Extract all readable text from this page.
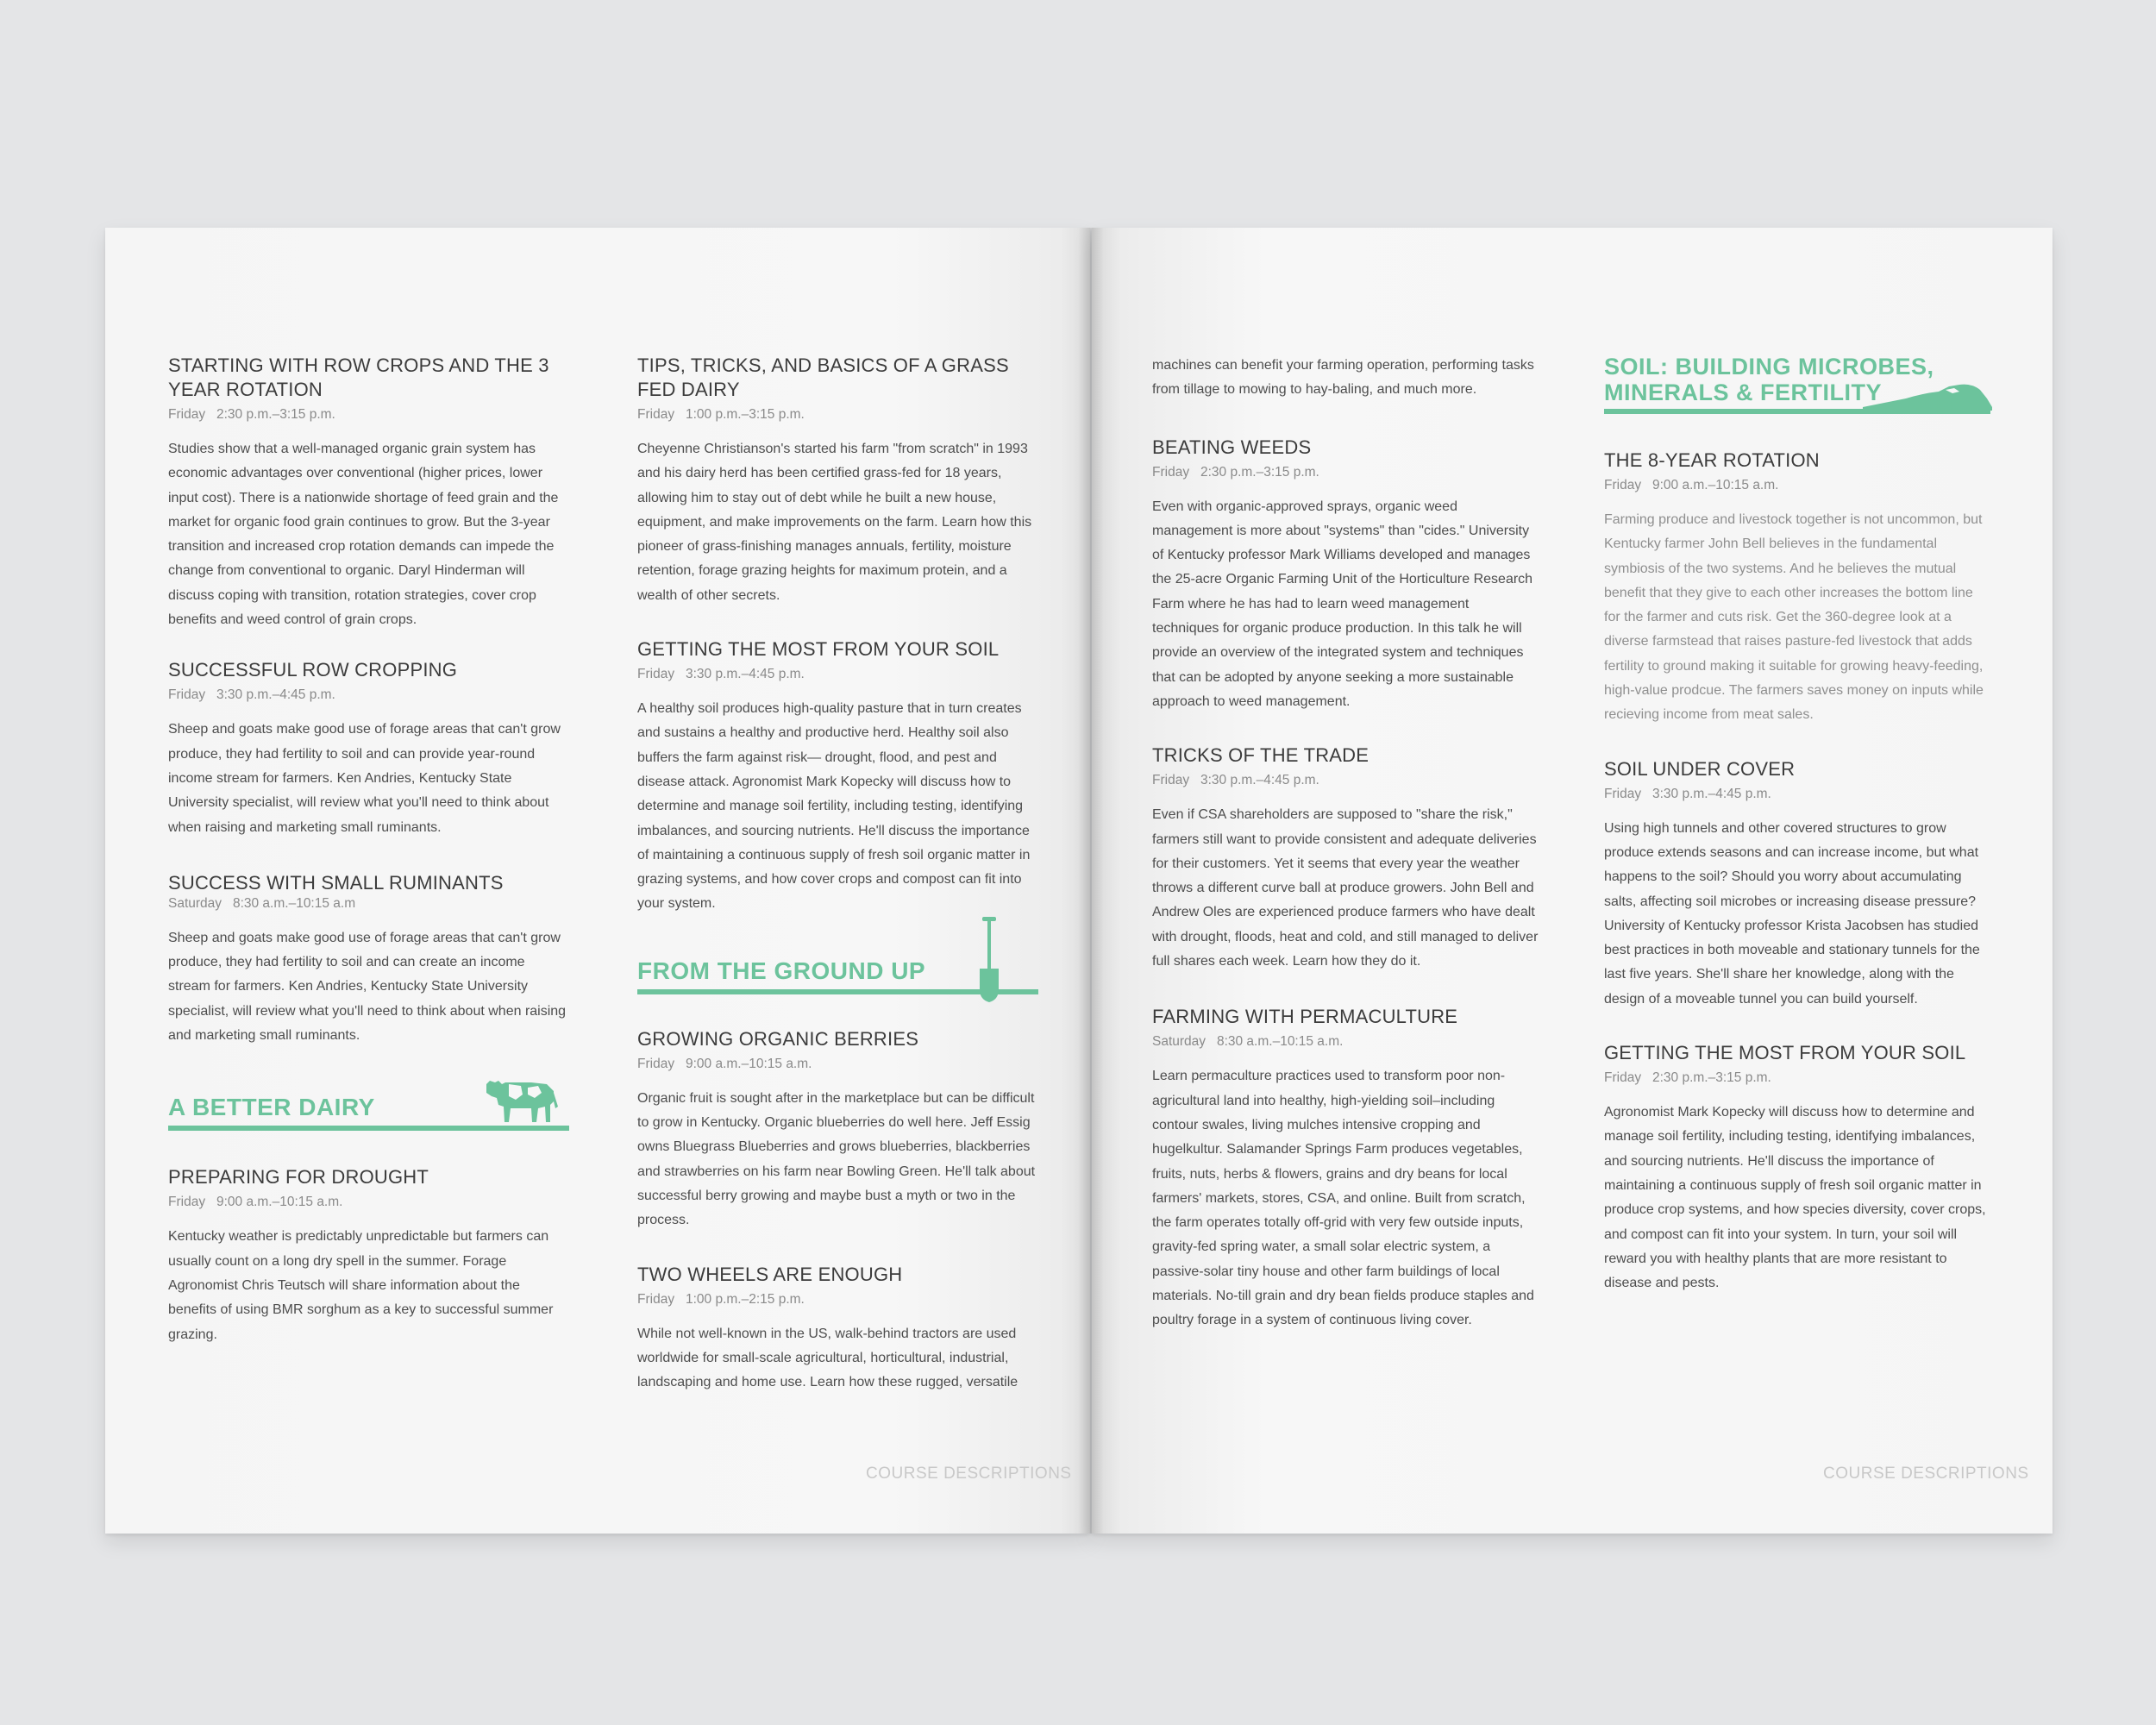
STARTING WITH ROW CROPS AND THE 3 YEAR ROTATION
Friday   2:30 p.m.–3:15 p.m.

Studies show that a well-managed organic grain system has economic advantages over conventional (higher prices, lower input cost). There is a nationwide shortage of feed grain and the market for organic food grain continues to grow. But the 3-year transition and increased crop rotation demands can impede the change from conventional to organic. Daryl Hinderman will discuss coping with transition, rotation strategies, cover crop benefits and weed control of grain crops.

SUCCESSFUL ROW CROPPING
Friday   3:30 p.m.–4:45 p.m.

Sheep and goats make good use of forage areas that can't grow produce, they had fertility to soil and can provide year-round income stream for farmers. Ken Andries, Kentucky State University specialist, will review what you'll need to think about when raising and marketing small ruminants.

SUCCESS WITH SMALL RUMINANTS
Saturday   8:30 a.m.–10:15 a.m

Sheep and goats make good use of forage areas that can't grow produce, they had fertility to soil and can create an income stream for farmers. Ken Andries, Kentucky State University specialist, will review what you'll need to think about when raising and marketing small ruminants.

A BETTER DAIRY
PREPARING FOR DROUGHT
Friday   9:00 a.m.–10:15 a.m.

Kentucky weather is predictably unpredictable but farmers can usually count on a long dry spell in the summer. Forage Agronomist Chris Teutsch will share information about the benefits of using BMR sorghum as a key to successful summer grazing.

TIPS, TRICKS, AND BASICS OF A GRASS FED DAIRY
Friday   1:00 p.m.–3:15 p.m.

Cheyenne Christianson's started his farm "from scratch" in 1993 and his dairy herd has been certified grass-fed for 18 years, allowing him to stay out of debt while he built a new house, equipment, and make improvements on the farm. Learn how this pioneer of grass-finishing manages annuals, fertility, moisture retention, forage grazing heights for maximum protein, and a wealth of other secrets.

GETTING THE MOST FROM YOUR SOIL
Friday   3:30 p.m.–4:45 p.m.

A healthy soil produces high-quality pasture that in turn creates and sustains a healthy and productive herd. Healthy soil also buffers the farm against risk— drought, flood, and pest and disease attack. Agronomist Mark Kopecky will discuss how to determine and manage soil fertility, including testing, identifying imbalances, and sourcing nutrients. He'll discuss the importance of maintaining a continuous supply of fresh soil organic matter in grazing systems, and how cover crops and compost can fit into your system.

FROM THE GROUND UP
GROWING ORGANIC BERRIES
Friday   9:00 a.m.–10:15 a.m.

Organic fruit is sought after in the marketplace but can be difficult to grow in Kentucky. Organic blueberries do well here. Jeff Essig owns Bluegrass Blueberries and grows blueberries, blackberries and strawberries on his farm near Bowling Green. He'll talk about successful berry growing and maybe bust a myth or two in the process.

TWO WHEELS ARE ENOUGH
Friday   1:00 p.m.–2:15 p.m.

While not well-known in the US, walk-behind tractors are used worldwide for small-scale agricultural, horticultural, industrial, landscaping and home use. Learn how these rugged, versatile

COURSE DESCRIPTIONS

machines can benefit your farming operation, performing tasks from tillage to mowing to hay-baling, and much more.

BEATING WEEDS
Friday   2:30 p.m.–3:15 p.m.

Even with organic-approved sprays, organic weed management is more about "systems" than "cides." University of Kentucky professor Mark Williams developed and manages the 25-acre Organic Farming Unit of the Horticulture Research Farm where he has had to learn weed management techniques for organic produce production. In this talk he will provide an overview of the integrated system and techniques that can be adopted by anyone seeking a more sustainable approach to weed management.

TRICKS OF THE TRADE
Friday   3:30 p.m.–4:45 p.m.

Even if CSA shareholders are supposed to "share the risk," farmers still want to provide consistent and adequate deliveries for their customers. Yet it seems that every year the weather throws a different curve ball at produce growers. John Bell and Andrew Oles are experienced produce farmers who have dealt with drought, floods, heat and cold, and still managed to deliver full shares each week. Learn how they do it.

FARMING WITH PERMACULTURE
Saturday   8:30 a.m.–10:15 a.m.

Learn permaculture practices used to transform poor non-agricultural land into healthy, high-yielding soil–including contour swales, living mulches intensive cropping and hugelkultur. Salamander Springs Farm produces vegetables, fruits, nuts, herbs & flowers, grains and dry beans for local farmers' markets, stores, CSA, and online. Built from scratch, the farm operates totally off-grid with very few outside inputs, gravity-fed spring water, a small solar electric system, a passive-solar tiny house and other farm buildings of local materials. No-till grain and dry bean fields produce staples and poultry forage in a system of continuous living cover.

SOIL: BUILDING MICROBES,
MINERALS & FERTILITY
THE 8-YEAR ROTATION
Friday   9:00 a.m.–10:15 a.m.

Farming produce and livestock together is not uncommon, but Kentucky farmer John Bell believes in the fundamental symbiosis of the two systems. And he believes the mutual benefit that they give to each other increases the bottom line for the farmer and cuts risk. Get the 360-degree look at a diverse farmstead that raises pasture-fed livestock that adds fertility to ground making it suitable for growing heavy-feeding, high-value prodcue. The farmers saves money on inputs while recieving income from meat sales.

SOIL UNDER COVER
Friday   3:30 p.m.–4:45 p.m.

Using high tunnels and other covered structures to grow produce extends seasons and can increase income, but what happens to the soil? Should you worry about accumulating salts, affecting soil microbes or increasing disease pressure? University of Kentucky professor Krista Jacobsen has studied best practices in both moveable and stationary tunnels for the last five years. She'll share her knowledge, along with the design of a moveable tunnel you can build yourself.

GETTING THE MOST FROM YOUR SOIL
Friday   2:30 p.m.–3:15 p.m.

Agronomist Mark Kopecky will discuss how to determine and manage soil fertility, including testing, identifying imbalances, and sourcing nutrients. He'll discuss the importance of maintaining a continuous supply of fresh soil organic matter in produce crop systems, and how species diversity, cover crops, and compost can fit into your system. In turn, your soil will reward you with healthy plants that are more resistant to disease and pests.

COURSE DESCRIPTIONS
